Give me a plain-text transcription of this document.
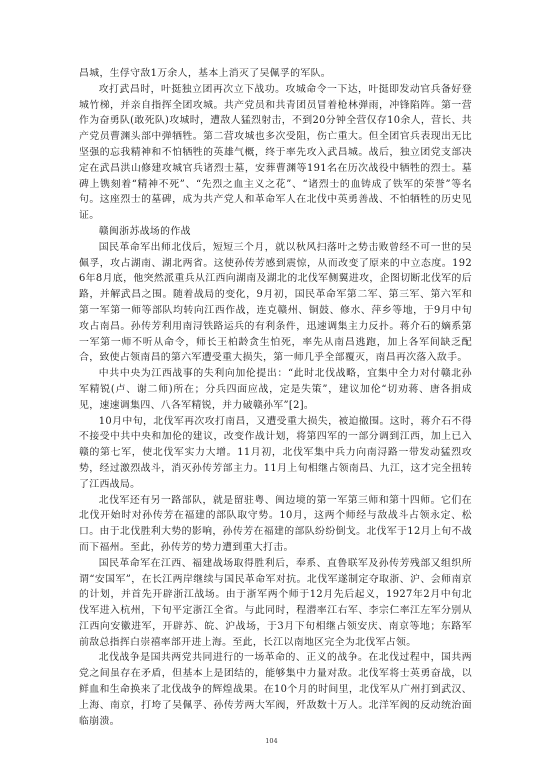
昌城，生俘守敌1万余人，基本上消灭了吴佩孚的军队。

攻打武昌时，叶挺独立团再次立下战功。攻城命令一下达，叶挺即发动官兵备好登城竹梯，并亲自指挥全团攻城。共产党员和共青团员冒着枪林弹雨，冲锋陷阵。第一营作为奋勇队(敢死队)攻城时，遭敌人猛烈射击，不到20分钟全营仅存10余人，营长、共产党员曹渊头部中弹牺牲。第二营攻城也多次受阻，伤亡重大。但全团官兵表现出无比坚强的忘我精神和不怕牺牲的英雄气概，终于率先攻入武昌城。战后，独立团党支部决定在武昌洪山修建攻城官兵诸烈士墓，安葬曹渊等191名在历次战役中牺牲的烈士。墓碑上镌刻着“精神不死”、“先烈之血主义之花”、“诸烈士的血铸成了铁军的荣誉”等名句。这座烈士的墓碑，成为共产党人和革命军人在北伐中英勇善战、不怕牺牲的历史见证。

赣闽浙苏战场的作战

国民革命军出师北伐后，短短三个月，就以秋风扫落叶之势击败曾经不可一世的吴佩孚，攻占湖南、湖北两省。这使孙传芳感到震惊，从而改变了原来的中立态度。1926年8月底，他突然派重兵从江西向湖南及湖北的北伐军侧翼进攻，企图切断北伐军的后路，并解武昌之围。随着战局的变化，9月初，国民革命军第二军、第三军、第六军和第一军第一师等部队均转向江西作战，连克赣州、铜鼓、修水、萍乡等地，于9月中旬攻占南昌。孙传芳利用南浔铁路运兵的有利条件，迅速调集主力反扑。蒋介石的嫡系第一军第一师不听从命令，师长王柏龄贪生怕死，率先从南昌逃跑，加上各军间缺乏配合，致使占领南昌的第六军遭受重大损失，第一师几乎全部覆灭，南昌再次落入敌手。

中共中央为江西战事的失利向加伦提出：“此时北伐战略，宜集中全力对付赣北孙军精锐(卢、谢二师)所在；分兵四面应战，定是失策”，建议加伦“切劝蒋、唐各捐成见，速速调集四、八各军精锐，并力破赣孙军”[2]。

10月中旬，北伐军再次攻打南昌，又遭受重大损失，被迫撤围。这时，蒋介石不得不接受中共中央和加伦的建议，改变作战计划，将第四军的一部分调到江西，加上已入赣的第七军，使北伐军实力大增。11月初，北伐军集中兵力向南浔路一带发动猛烈攻势，经过激烈战斗，消灭孙传芳部主力。11月上旬相继占领南昌、九江，这才完全扭转了江西战局。

北伐军还有另一路部队，就是留驻粤、闽边境的第一军第三师和第十四师。它们在北伐开始时对孙传芳在福建的部队取守势。10月，这两个师经与敌战斗占领永定、松口。由于北伐胜利大势的影响，孙传芳在福建的部队纷纷倒戈。北伐军于12月上旬不战而下福州。至此，孙传芳的势力遭到重大打击。

国民革命军在江西、福建战场取得胜利后，奉系、直鲁联军及孙传芳残部又组织所谓“安国军”，在长江两岸继续与国民革命军对抗。北伐军遂制定夺取浙、沪、会师南京的计划，并首先开辟浙江战场。由于浙军两个师于12月先后起义，1927年2月中旬北伐军进入杭州，下旬平定浙江全省。与此同时，程潜率江右军、李宗仁率江左军分别从江西向安徽进军，开辟苏、皖、沪战场，于3月下旬相继占领安庆、南京等地；东路军前敌总指挥白崇禧率部开进上海。至此，长江以南地区完全为北伐军占领。

北伐战争是国共两党共同进行的一场革命的、正义的战争。在北伐过程中，国共两党之间虽存在矛盾，但基本上是团结的，能够集中力量对敌。北伐军将士英勇奋战，以鲜血和生命换来了北伐战争的辉煌战果。在10个月的时间里，北伐军从广州打到武汉、上海、南京，打垮了吴佩孚、孙传芳两大军阀，歼敌数十万人。北洋军阀的反动统治面临崩溃。

104
